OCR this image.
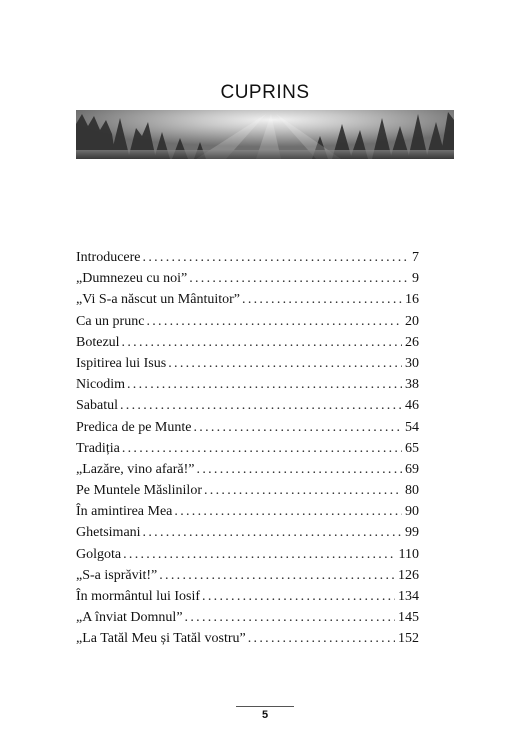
CUPRINS
Introducere . . .	7
„Dumnezeu cu noi” . . .	9
„Vi S-a născut un Mântuitor” . . .	16
Ca un prunc . . .	20
Botezul . . .	26
Ispitirea lui Isus . . .	30
Nicodim . . .	38
Sabatul . . .	46
Predica de pe Munte . . .	54
Tradiția . . .	65
„Lazăre, vino afară!” . . .	69
Pe Muntele Măslinilor . . .	80
În amintirea Mea . . .	90
Ghetsimani . . .	99
Golgota . . .	110
„S-a isprăvit!” . . .	126
În mormântul lui Iosif . . .	134
„A înviat Domnul” . . .	145
„La Tatăl Meu și Tatăl vostru” . . .	152
5
